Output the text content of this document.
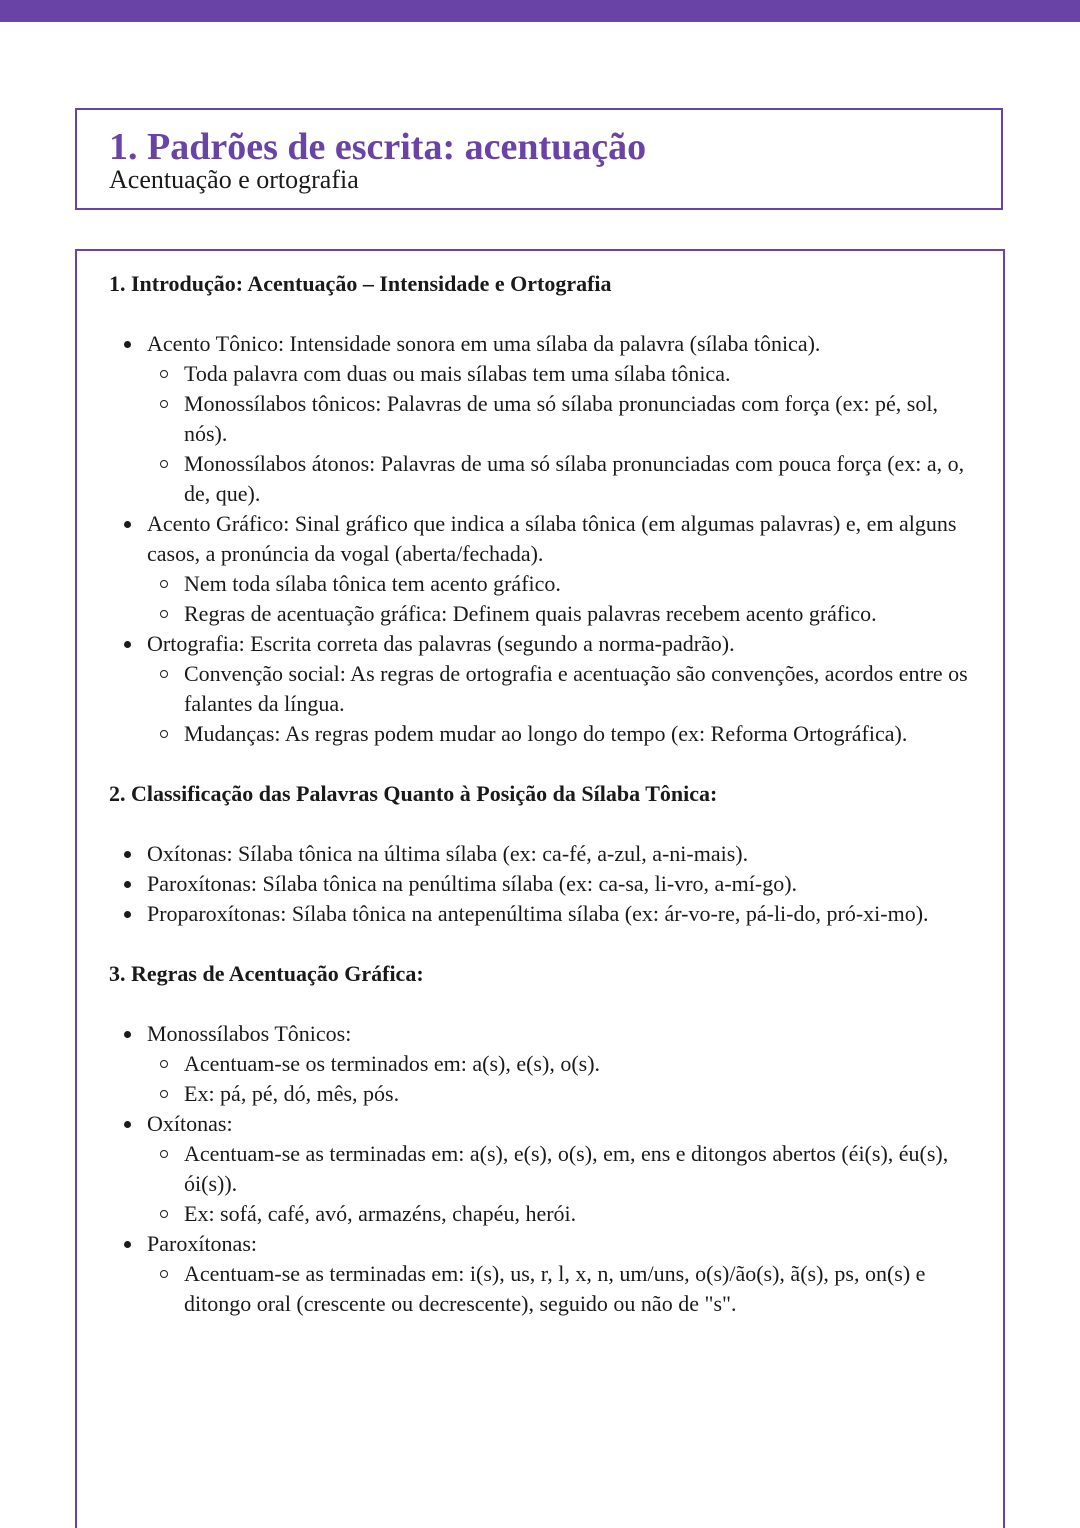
1. Padrões de escrita: acentuação

Acentuação e ortografia

1. Introdução: Acentuação – Intensidade e Ortografia

Acento Tônico: Intensidade sonora em uma sílaba da palavra (sílaba tônica).
Toda palavra com duas ou mais sílabas tem uma sílaba tônica.
Monossílabos tônicos: Palavras de uma só sílaba pronunciadas com força (ex: pé, sol, nós).
Monossílabos átonos: Palavras de uma só sílaba pronunciadas com pouca força (ex: a, o, de, que).
Acento Gráfico: Sinal gráfico que indica a sílaba tônica (em algumas palavras) e, em alguns casos, a pronúncia da vogal (aberta/fechada).
Nem toda sílaba tônica tem acento gráfico.
Regras de acentuação gráfica: Definem quais palavras recebem acento gráfico.
Ortografia: Escrita correta das palavras (segundo a norma-padrão).
Convenção social: As regras de ortografia e acentuação são convenções, acordos entre os falantes da língua.
Mudanças: As regras podem mudar ao longo do tempo (ex: Reforma Ortográfica).

2. Classificação das Palavras Quanto à Posição da Sílaba Tônica:

Oxítonas: Sílaba tônica na última sílaba (ex: ca-fé, a-zul, a-ni-mais).
Paroxítonas: Sílaba tônica na penúltima sílaba (ex: ca-sa, li-vro, a-mí-go).
Proparoxítonas: Sílaba tônica na antepenúltima sílaba (ex: ár-vo-re, pá-li-do, pró-xi-mo).

3. Regras de Acentuação Gráfica:

Monossílabos Tônicos:
Acentuam-se os terminados em: a(s), e(s), o(s).
Ex: pá, pé, dó, mês, pós.
Oxítonas:
Acentuam-se as terminadas em: a(s), e(s), o(s), em, ens e ditongos abertos (éi(s), éu(s), ói(s)).
Ex: sofá, café, avó, armazéns, chapéu, herói.
Paroxítonas:
Acentuam-se as terminadas em: i(s), us, r, l, x, n, um/uns, o(s)/ão(s), ã(s), ps, on(s) e ditongo oral (crescente ou decrescente), seguido ou não de "s".
